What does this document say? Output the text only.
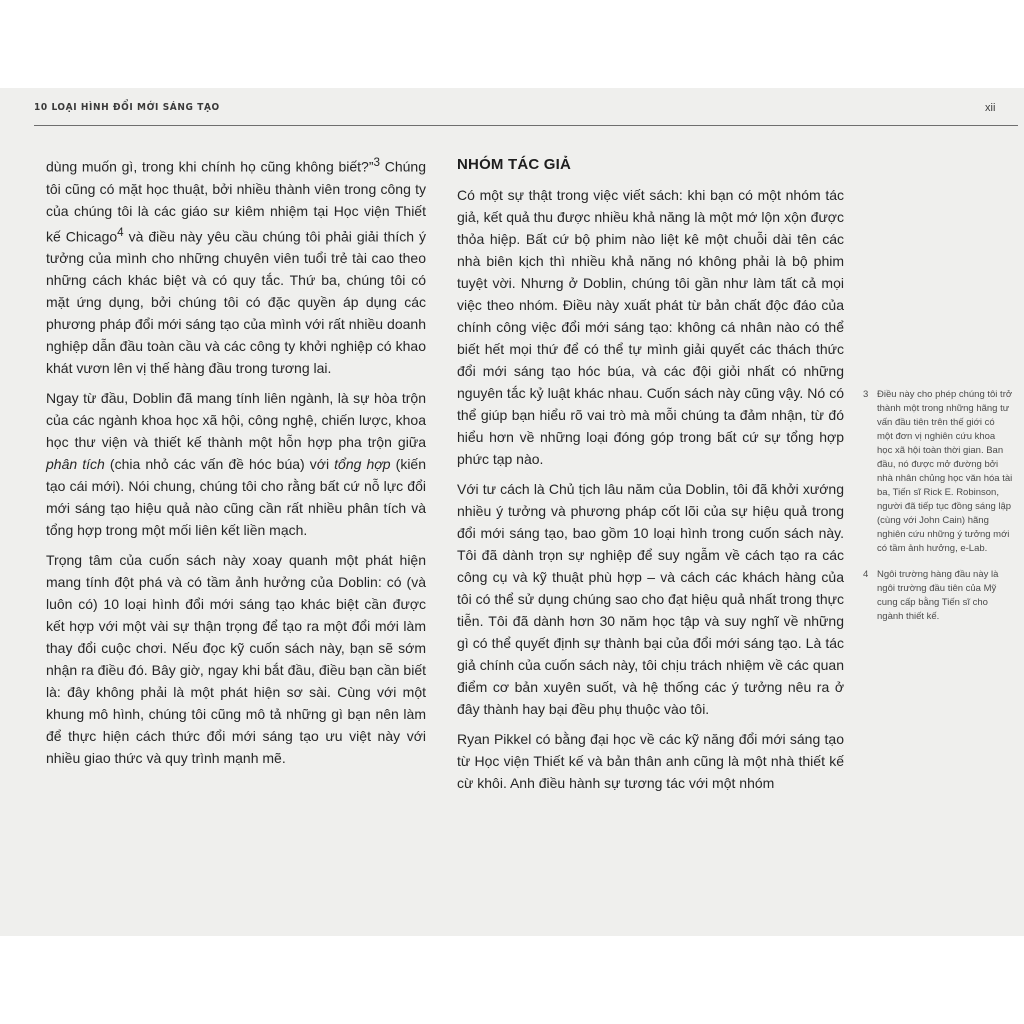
10 LOẠI HÌNH ĐỔI MỚI SÁNG TẠO	xii

dùng muốn gì, trong khi chính họ cũng không biết?”$^3$ Chúng tôi cũng có mặt học thuật, bởi nhiều thành viên trong công ty của chúng tôi là các giáo sư kiêm nhiệm tại Học viện Thiết kế Chicago$^4$ và điều này yêu cầu chúng tôi phải giải thích ý tưởng của mình cho những chuyên viên tuổi trẻ tài cao theo những cách khác biệt và có quy tắc. Thứ ba, chúng tôi có mặt ứng dụng, bởi chúng tôi có đặc quyền áp dụng các phương pháp đổi mới sáng tạo của mình với rất nhiều doanh nghiệp dẫn đầu toàn cầu và các công ty khởi nghiệp có khao khát vươn lên vị thế hàng đầu trong tương lai.

Ngay từ đầu, Doblin đã mang tính liên ngành, là sự hòa trộn của các ngành khoa học xã hội, công nghệ, chiến lược, khoa học thư viện và thiết kế thành một hỗn hợp pha trộn giữa phân tích (chia nhỏ các vấn đề hóc búa) với tổng hợp (kiến tạo cái mới). Nói chung, chúng tôi cho rằng bất cứ nỗ lực đổi mới sáng tạo hiệu quả nào cũng cần rất nhiều phân tích và tổng hợp trong một mối liên kết liền mạch.

Trọng tâm của cuốn sách này xoay quanh một phát hiện mang tính đột phá và có tầm ảnh hưởng của Doblin: có (và luôn có) 10 loại hình đổi mới sáng tạo khác biệt cần được kết hợp với một vài sự thận trọng để tạo ra một đổi mới làm thay đổi cuộc chơi. Nếu đọc kỹ cuốn sách này, bạn sẽ sớm nhận ra điều đó. Bây giờ, ngay khi bắt đầu, điều bạn cần biết là: đây không phải là một phát hiện sơ sài. Cùng với một khung mô hình, chúng tôi cũng mô tả những gì bạn nên làm để thực hiện cách thức đổi mới sáng tạo ưu việt này với nhiều giao thức và quy trình mạnh mẽ.

NHÓM TÁC GIẢ

Có một sự thật trong việc viết sách: khi bạn có một nhóm tác giả, kết quả thu được nhiều khả năng là một mớ lộn xộn được thỏa hiệp. Bất cứ bộ phim nào liệt kê một chuỗi dài tên các nhà biên kịch thì nhiều khả năng nó không phải là bộ phim tuyệt vời. Nhưng ở Doblin, chúng tôi gần như làm tất cả mọi việc theo nhóm. Điều này xuất phát từ bản chất độc đáo của chính công việc đổi mới sáng tạo: không cá nhân nào có thể biết hết mọi thứ để có thể tự mình giải quyết các thách thức đổi mới sáng tạo hóc búa, và các đội giỏi nhất có những nguyên tắc kỷ luật khác nhau. Cuốn sách này cũng vậy. Nó có thể giúp bạn hiểu rõ vai trò mà mỗi chúng ta đảm nhận, từ đó hiểu hơn về những loại đóng góp trong bất cứ sự tổng hợp phức tạp nào.

Với tư cách là Chủ tịch lâu năm của Doblin, tôi đã khởi xướng nhiều ý tưởng và phương pháp cốt lõi của sự hiệu quả trong đổi mới sáng tạo, bao gồm 10 loại hình trong cuốn sách này. Tôi đã dành trọn sự nghiệp để suy ngẫm về cách tạo ra các công cụ và kỹ thuật phù hợp – và cách các khách hàng của tôi có thể sử dụng chúng sao cho đạt hiệu quả nhất trong thực tiễn. Tôi đã dành hơn 30 năm học tập và suy nghĩ về những gì có thể quyết định sự thành bại của đổi mới sáng tạo. Là tác giả chính của cuốn sách này, tôi chịu trách nhiệm về các quan điểm cơ bản xuyên suốt, và hệ thống các ý tưởng nêu ra ở đây thành hay bại đều phụ thuộc vào tôi.

Ryan Pikkel có bằng đại học về các kỹ năng đổi mới sáng tạo từ Học viện Thiết kế và bản thân anh cũng là một nhà thiết kế cừ khôi. Anh điều hành sự tương tác với một nhóm

3 Điều này cho phép chúng tôi trở thành một trong những hãng tư vấn đầu tiên trên thế giới có một đơn vị nghiên cứu khoa học xã hội toàn thời gian. Ban đầu, nó được mở đường bởi nhà nhân chủng học văn hóa tài ba, Tiến sĩ Rick E. Robinson, người đã tiếp tục đồng sáng lập (cùng với John Cain) hãng nghiên cứu những ý tưởng mới có tầm ảnh hưởng, e-Lab.
4 Ngôi trường hàng đầu này là ngôi trường đầu tiên của Mỹ cung cấp bằng Tiến sĩ cho ngành thiết kế.
